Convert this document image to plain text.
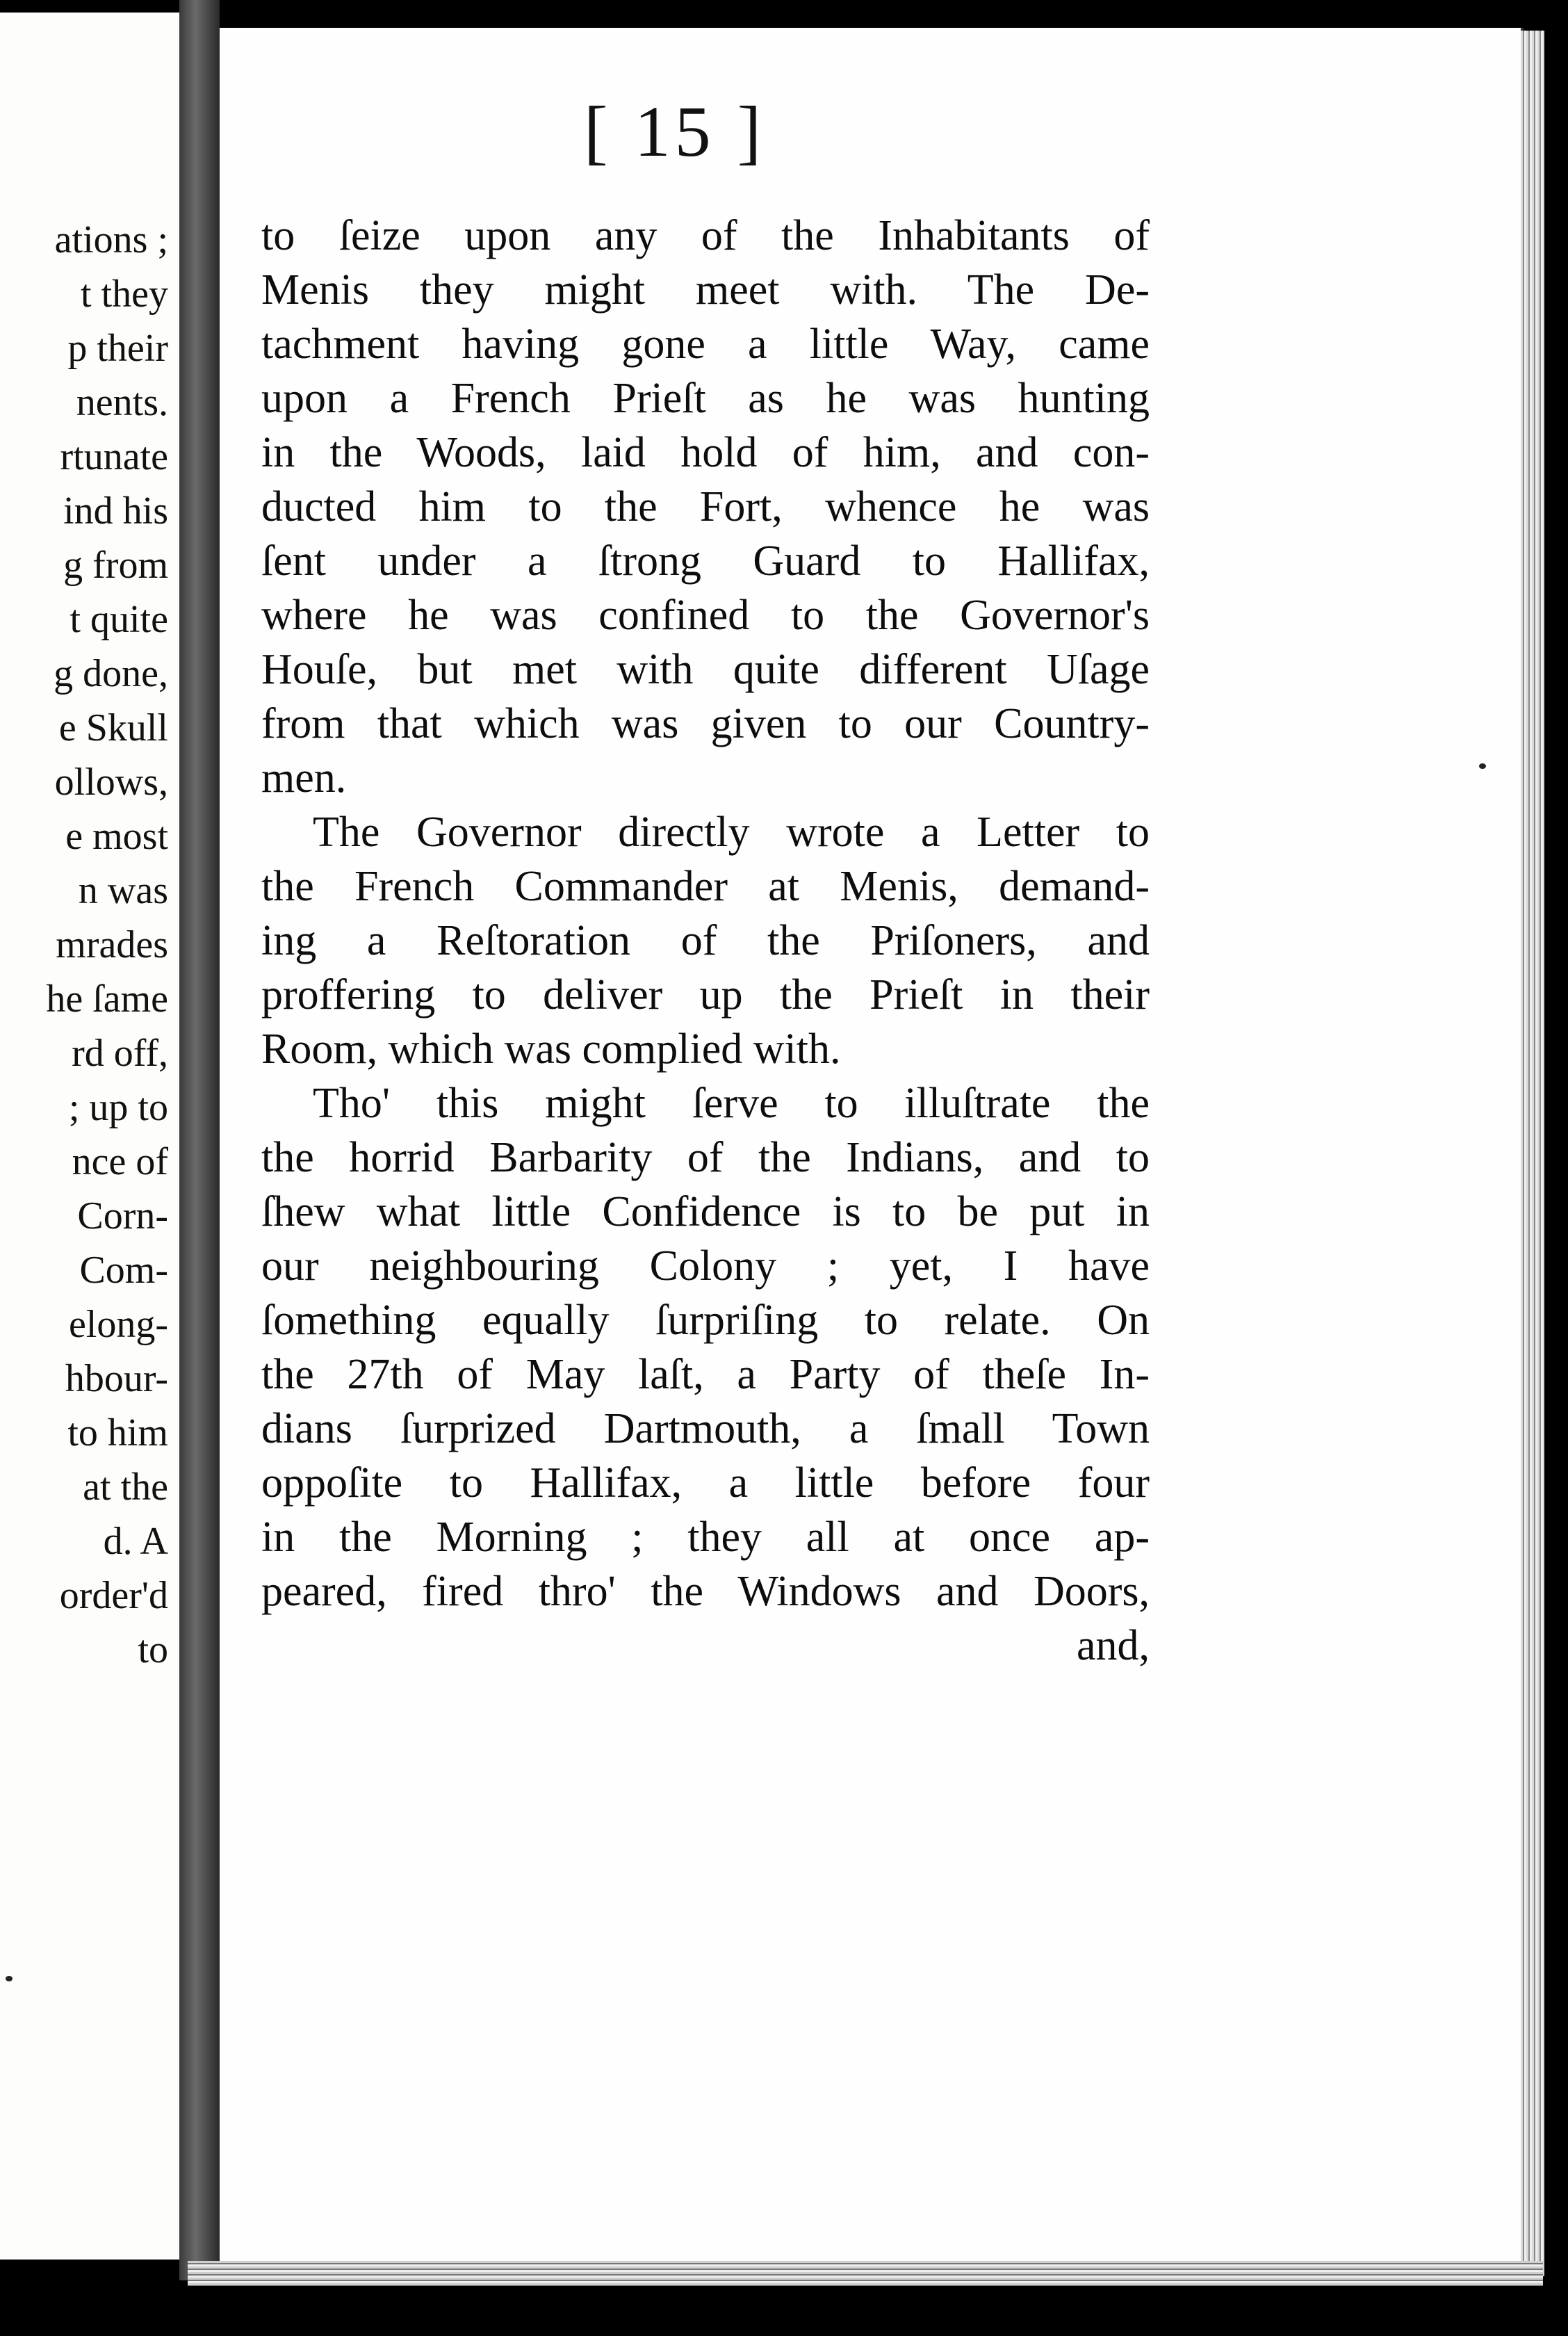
ations ;
t they
p their
nents.
rtunate
ind his
g from
t quite
g done,
e Skull
ollows,
e most
n was
mrades
he ſame
rd off,
; up to
nce of
Corn-
Com-
elong-
hbour-
to him
at the
d. A
order'd
to
[ 15 ]
to ſeize upon any of the Inhabitants of
Menis they might meet with. The De-
tachment having gone a little Way, came
upon a French Prieſt as he was hunting
in the Woods, laid hold of him, and con-
ducted him to the Fort, whence he was
ſent under a ſtrong Guard to Hallifax,
where he was confined to the Governor's
Houſe, but met with quite different Uſage
from that which was given to our Country-
men.
The Governor directly wrote a Letter to
the French Commander at Menis, demand-
ing a Reſtoration of the Priſoners, and
proffering to deliver up the Prieſt in their
Room, which was complied with.
Tho' this might ſerve to illuſtrate the
the horrid Barbarity of the Indians, and to
ſhew what little Confidence is to be put in
our neighbouring Colony ; yet, I have
ſomething equally ſurpriſing to relate. On
the 27th of May laſt, a Party of theſe In-
dians ſurprized Dartmouth, a ſmall Town
oppoſite to Hallifax, a little before four
in the Morning ; they all at once ap-
peared, fired thro' the Windows and Doors,
and,
